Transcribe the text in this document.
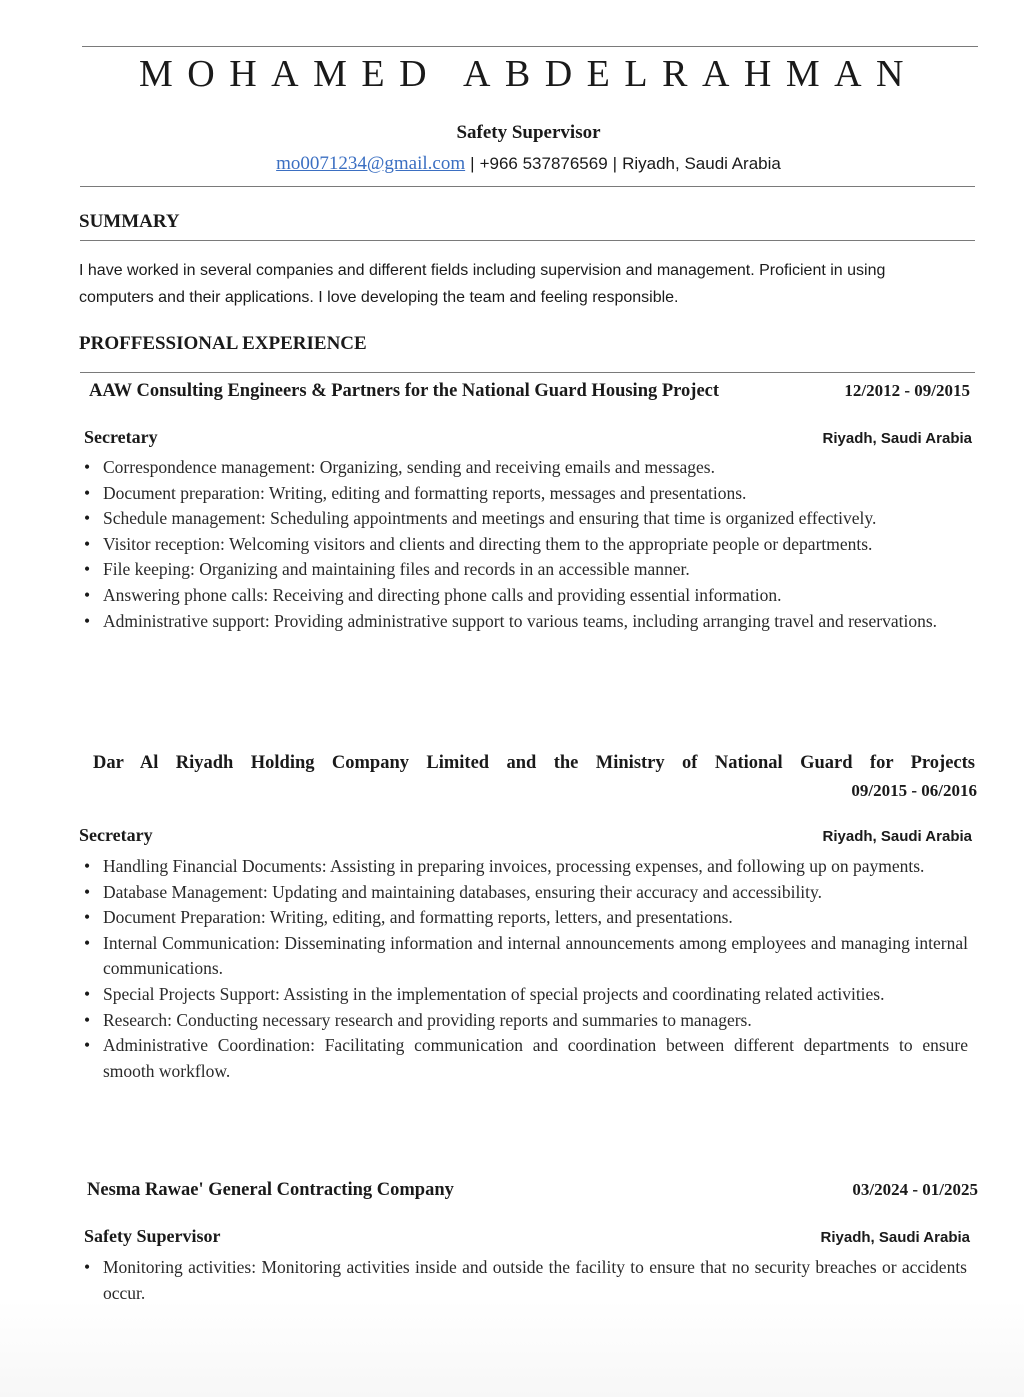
MOHAMED ABDELRAHMAN
Safety Supervisor
mo0071234@gmail.com | +966 537876569 | Riyadh, Saudi Arabia
SUMMARY
I have worked in several companies and different fields including supervision and management. Proficient in using computers and their applications. I love developing the team and feeling responsible.
PROFFESSIONAL EXPERIENCE
AAW Consulting Engineers & Partners for the National Guard Housing Project	12/2012 - 09/2015
Secretary	Riyadh, Saudi Arabia
• Correspondence management: Organizing, sending and receiving emails and messages.
• Document preparation: Writing, editing and formatting reports, messages and presentations.
• Schedule management: Scheduling appointments and meetings and ensuring that time is organized effectively.
• Visitor reception: Welcoming visitors and clients and directing them to the appropriate people or departments.
• File keeping: Organizing and maintaining files and records in an accessible manner.
• Answering phone calls: Receiving and directing phone calls and providing essential information.
• Administrative support: Providing administrative support to various teams, including arranging travel and reservations.
Dar Al Riyadh Holding Company Limited and the Ministry of National Guard for Projects
09/2015 - 06/2016
Secretary	Riyadh, Saudi Arabia
• Handling Financial Documents: Assisting in preparing invoices, processing expenses, and following up on payments.
• Database Management: Updating and maintaining databases, ensuring their accuracy and accessibility.
• Document Preparation: Writing, editing, and formatting reports, letters, and presentations.
• Internal Communication: Disseminating information and internal announcements among employees and managing internal communications.
• Special Projects Support: Assisting in the implementation of special projects and coordinating related activities.
• Research: Conducting necessary research and providing reports and summaries to managers.
• Administrative Coordination: Facilitating communication and coordination between different departments to ensure smooth workflow.
Nesma Rawae' General Contracting Company	03/2024 - 01/2025
Safety Supervisor	Riyadh, Saudi Arabia
• Monitoring activities: Monitoring activities inside and outside the facility to ensure that no security breaches or accidents occur.
